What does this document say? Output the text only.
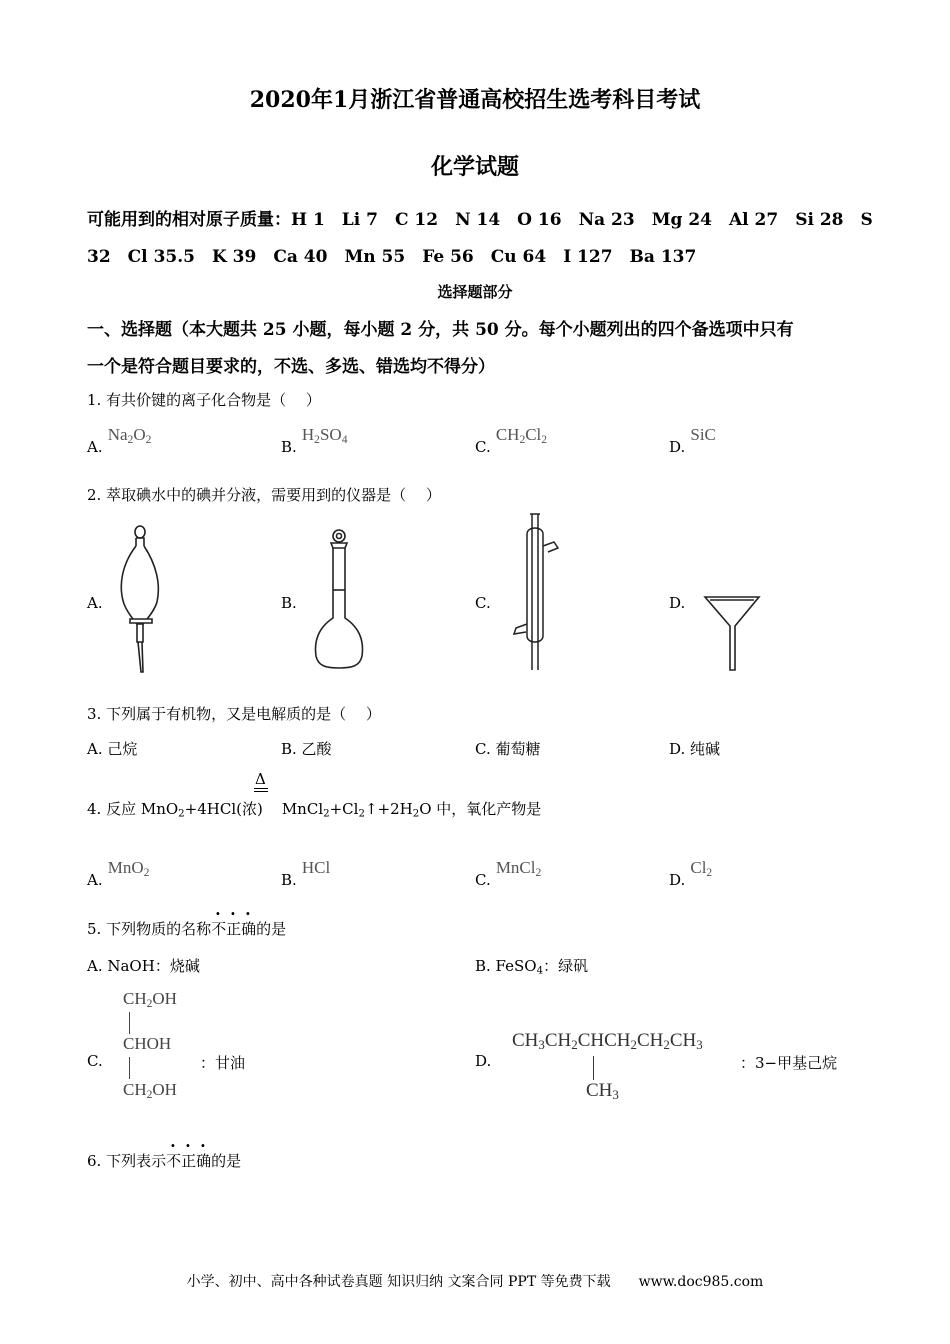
2020年1月浙江省普通高校招生选考科目考试
化学试题
可能用到的相对原子质量：H 1　Li 7　C 12　N 14　O 16　Na 23　Mg 24　Al 27　Si 28　S
32　Cl 35.5　K 39　Ca 40　Mn 55　Fe 56　Cu 64　I 127　Ba 137
选择题部分
一、选择题（本大题共 25 小题，每小题 2 分，共 50 分。每个小题列出的四个备选项中只有
一个是符合题目要求的，不选、多选、错选均不得分）
1. 有共价键的离子化合物是（　 ）
A. $Na_2O_2$	B. $H_2SO_4$	C. $CH_2Cl_2$	D. SiC
2. 萃取碘水中的碘并分液，需要用到的仪器是（　 ）
A.	B.	C.	D.
3. 下列属于有机物，又是电解质的是（　 ）
A. 己烷	B. 乙酸	C. 葡萄糖	D. 纯碱
Δ
4. 反应 MnO$_2$+4HCl(浓) $MnCl_2+Cl_2↑+2H_2O$ 中，氧化产物是
A. MnO$_2$	B. HCl
C. MnCl$_2$	D. $Cl_2$
5. 下列物质的名称不正确的是
A. NaOH：烧碱	B. FeSO$_4$：绿矾
C.
$CH_2OH$
CHOH
$CH_2OH$
：甘油	D.
$CH_3CH_2CHCH_2CH_2CH_3$
$CH_3$
：3−甲基己烷
6. 下列表示不正确的是
小学、初中、高中各种试卷真题 知识归纳 文案合同 PPT 等免费下载　　www.doc985.com
